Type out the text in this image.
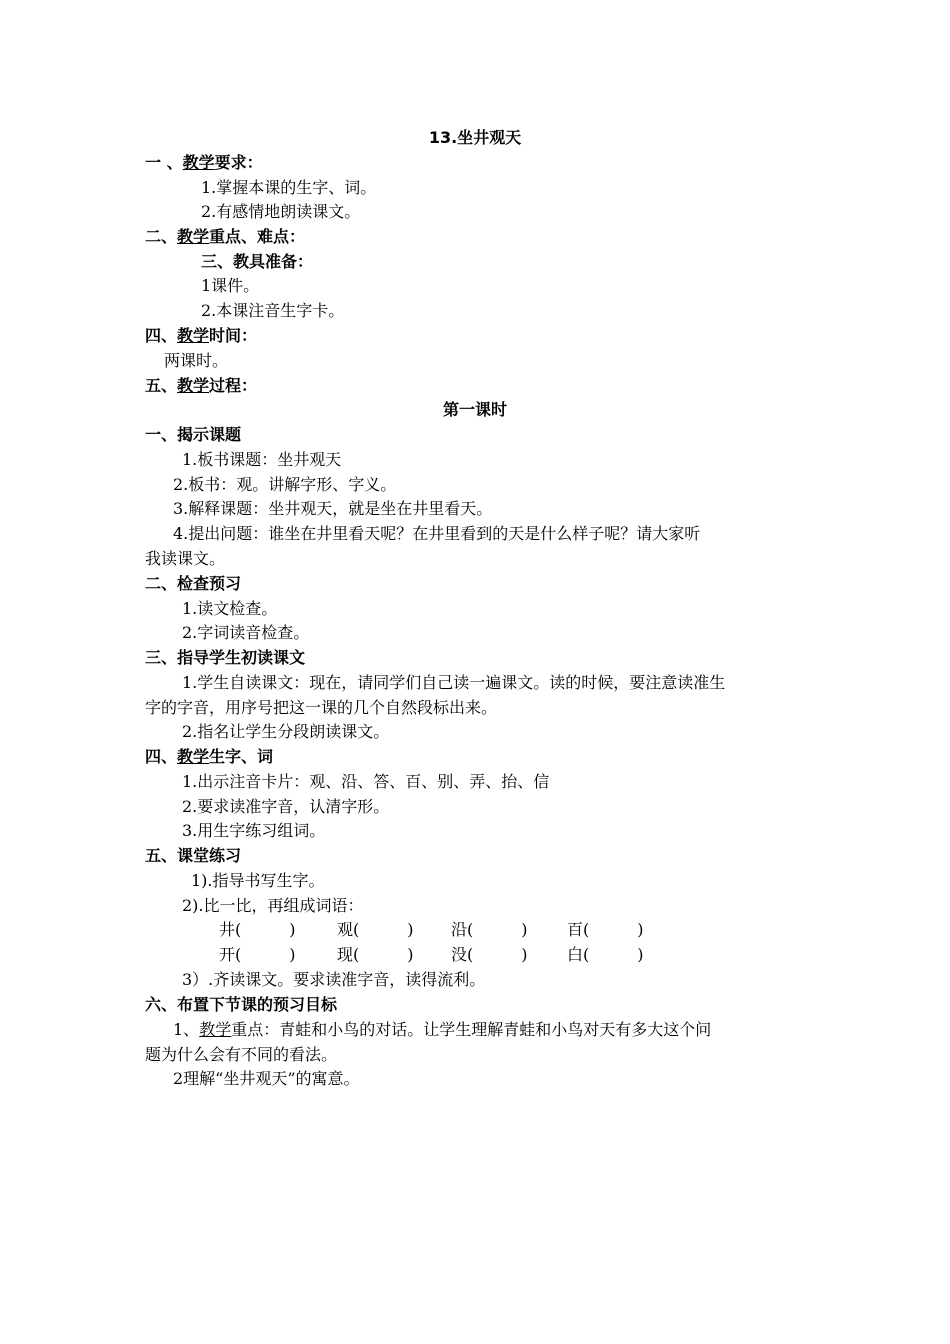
13.坐井观天
一 、教学要求：
1.掌握本课的生字、词。
2.有感情地朗读课文。
二、教学重点、难点：
三、教具准备：
1课件。
2.本课注音生字卡。
四、教学时间：
两课时。
五、教学过程：
第一课时
一、揭示课题
1.板书课题：坐井观天
2.板书：观。讲解字形、字义。
3.解释课题：坐井观天，就是坐在井里看天。
4.提出问题：谁坐在井里看天呢？在井里看到的天是什么样子呢？请大家听
我读课文。
二、检查预习
1.读文检查。
2.字词读音检查。
三、指导学生初读课文
1.学生自读课文：现在，请同学们自己读一遍课文。读的时候，要注意读准生
字的字音，用序号把这一课的几个自然段标出来。
2.指名让学生分段朗读课文。
四、教学生字、词
1.出示注音卡片：观、沿、答、百、别、弄、抬、信
2.要求读准字音，认清字形。
3.用生字练习组词。
五、课堂练习
1).指导书写生字。
2).比一比，再组成词语：
井(　　　)	观(　　　) 沿(　　　) 百(　　　)
开(　　　)	现(　　　) 没(　　　) 白(　　　)
3）.齐读课文。要求读准字音，读得流利。
六、布置下节课的预习目标
1、教学重点：青蛙和小鸟的对话。让学生理解青蛙和小鸟对天有多大这个问
题为什么会有不同的看法。
2理解“坐井观天”的寓意。
